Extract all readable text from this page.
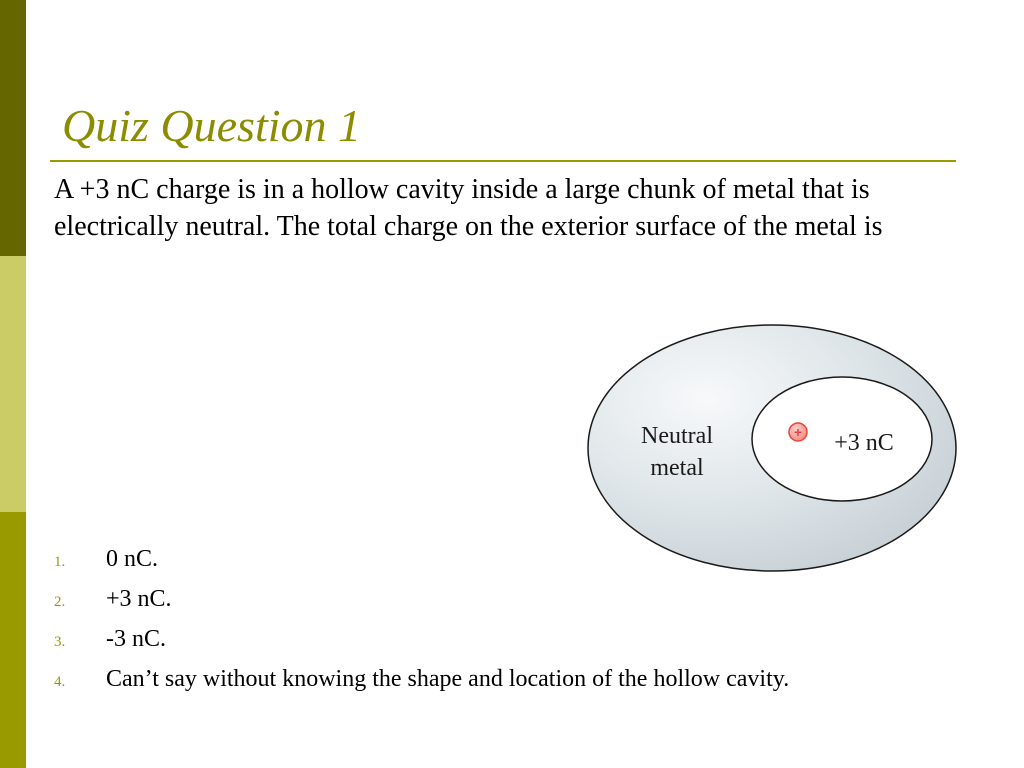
Quiz Question 1

A +3 nC charge is in a hollow cavity inside a large chunk of metal that is electrically neutral. The total charge on the exterior surface of the metal is

Neutral
metal
+ +3 nC
1. 0 nC.
2. +3 nC.
3. -3 nC.
4. Can’t say without knowing the shape and location of the hollow cavity.
